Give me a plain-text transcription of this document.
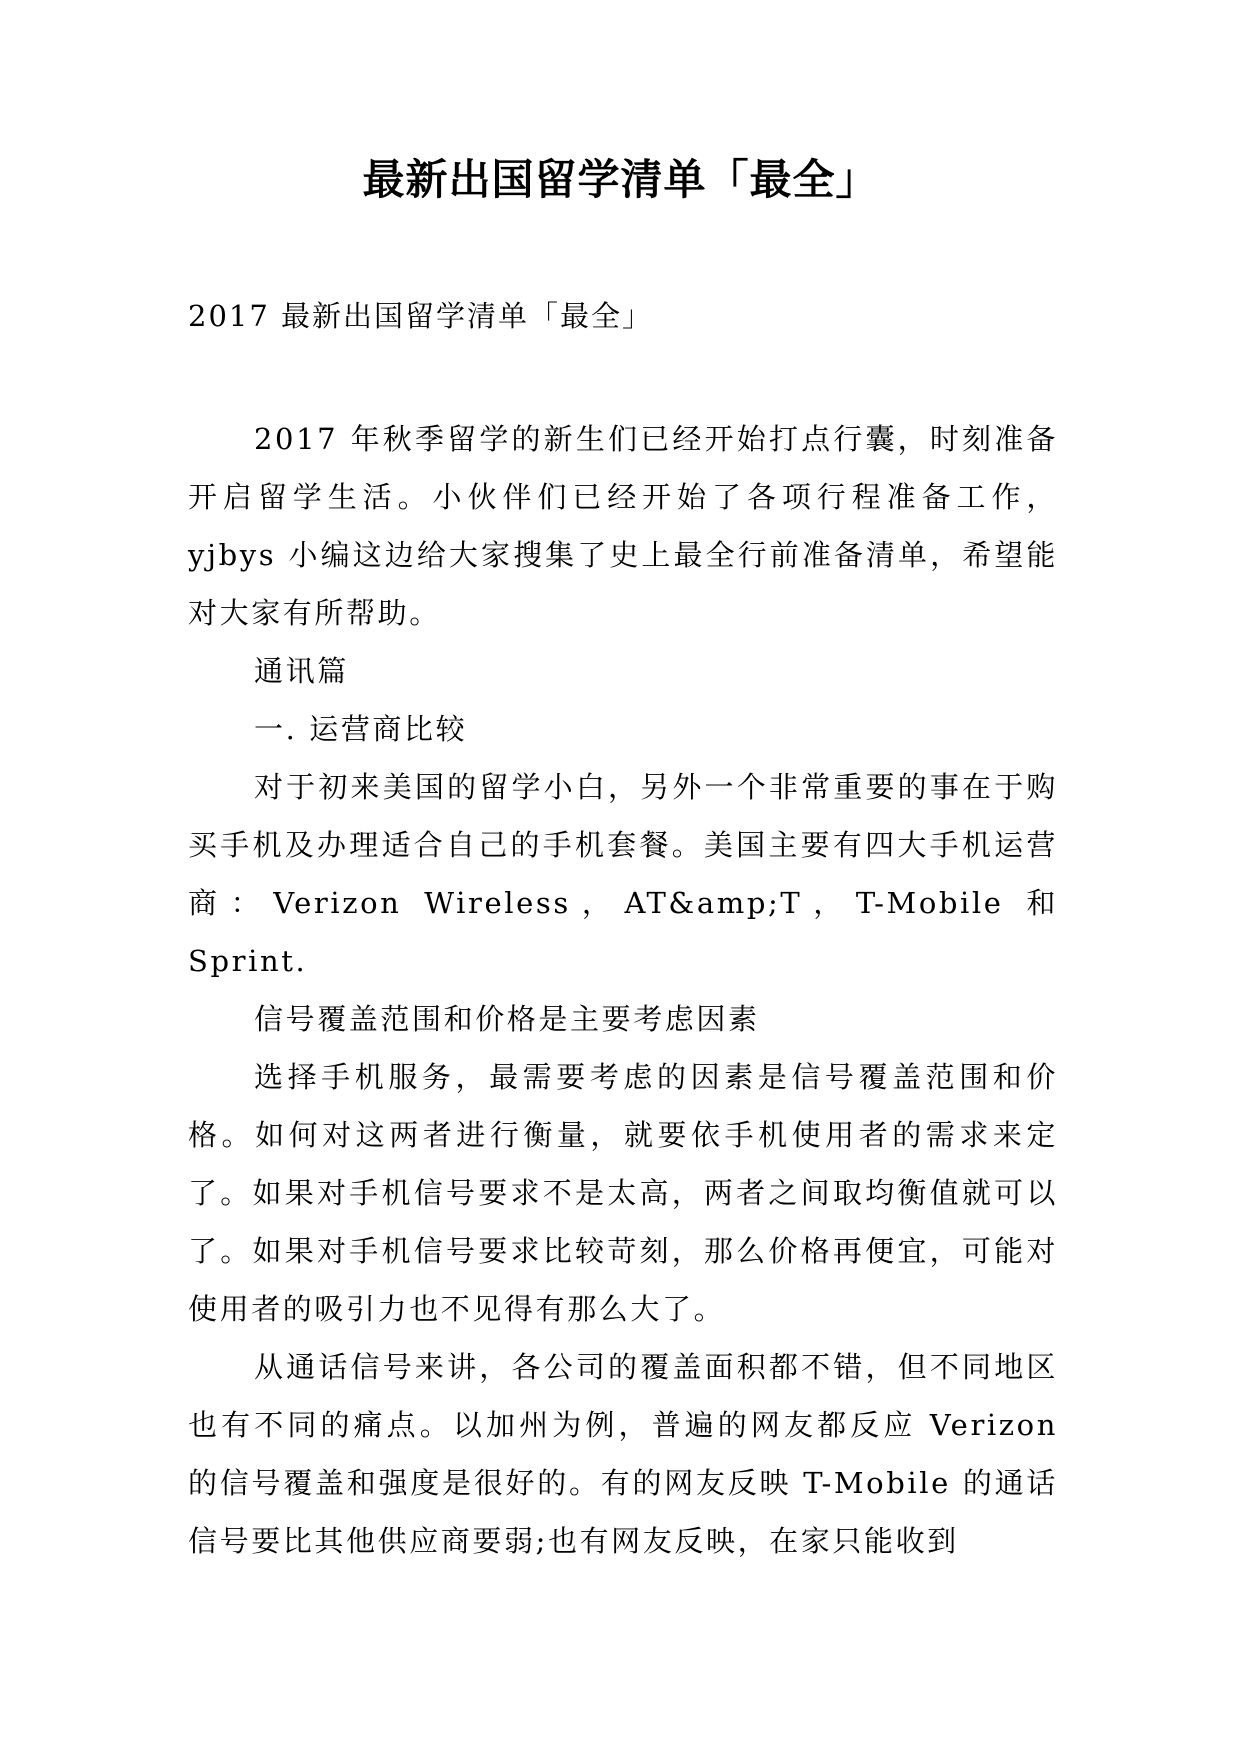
最新出国留学清单「最全」
2017 最新出国留学清单「最全」

2017 年秋季留学的新生们已经开始打点行囊，时刻准备开启留学生活。小伙伴们已经开始了各项行程准备工作，yjbys 小编这边给大家搜集了史上最全行前准备清单，希望能对大家有所帮助。

通讯篇

一. 运营商比较

对于初来美国的留学小白，另外一个非常重要的事在于购买手机及办理适合自己的手机套餐。美国主要有四大手机运营商：Verizon Wireless，AT&amp;T，T-Mobile 和 Sprint.

信号覆盖范围和价格是主要考虑因素

选择手机服务，最需要考虑的因素是信号覆盖范围和价格。如何对这两者进行衡量，就要依手机使用者的需求来定了。如果对手机信号要求不是太高，两者之间取均衡值就可以了。如果对手机信号要求比较苛刻，那么价格再便宜，可能对使用者的吸引力也不见得有那么大了。

从通话信号来讲，各公司的覆盖面积都不错，但不同地区也有不同的痛点。以加州为例，普遍的网友都反应 Verizon 的信号覆盖和强度是很好的。有的网友反映 T-Mobile 的通话信号要比其他供应商要弱;也有网友反映，在家只能收到
